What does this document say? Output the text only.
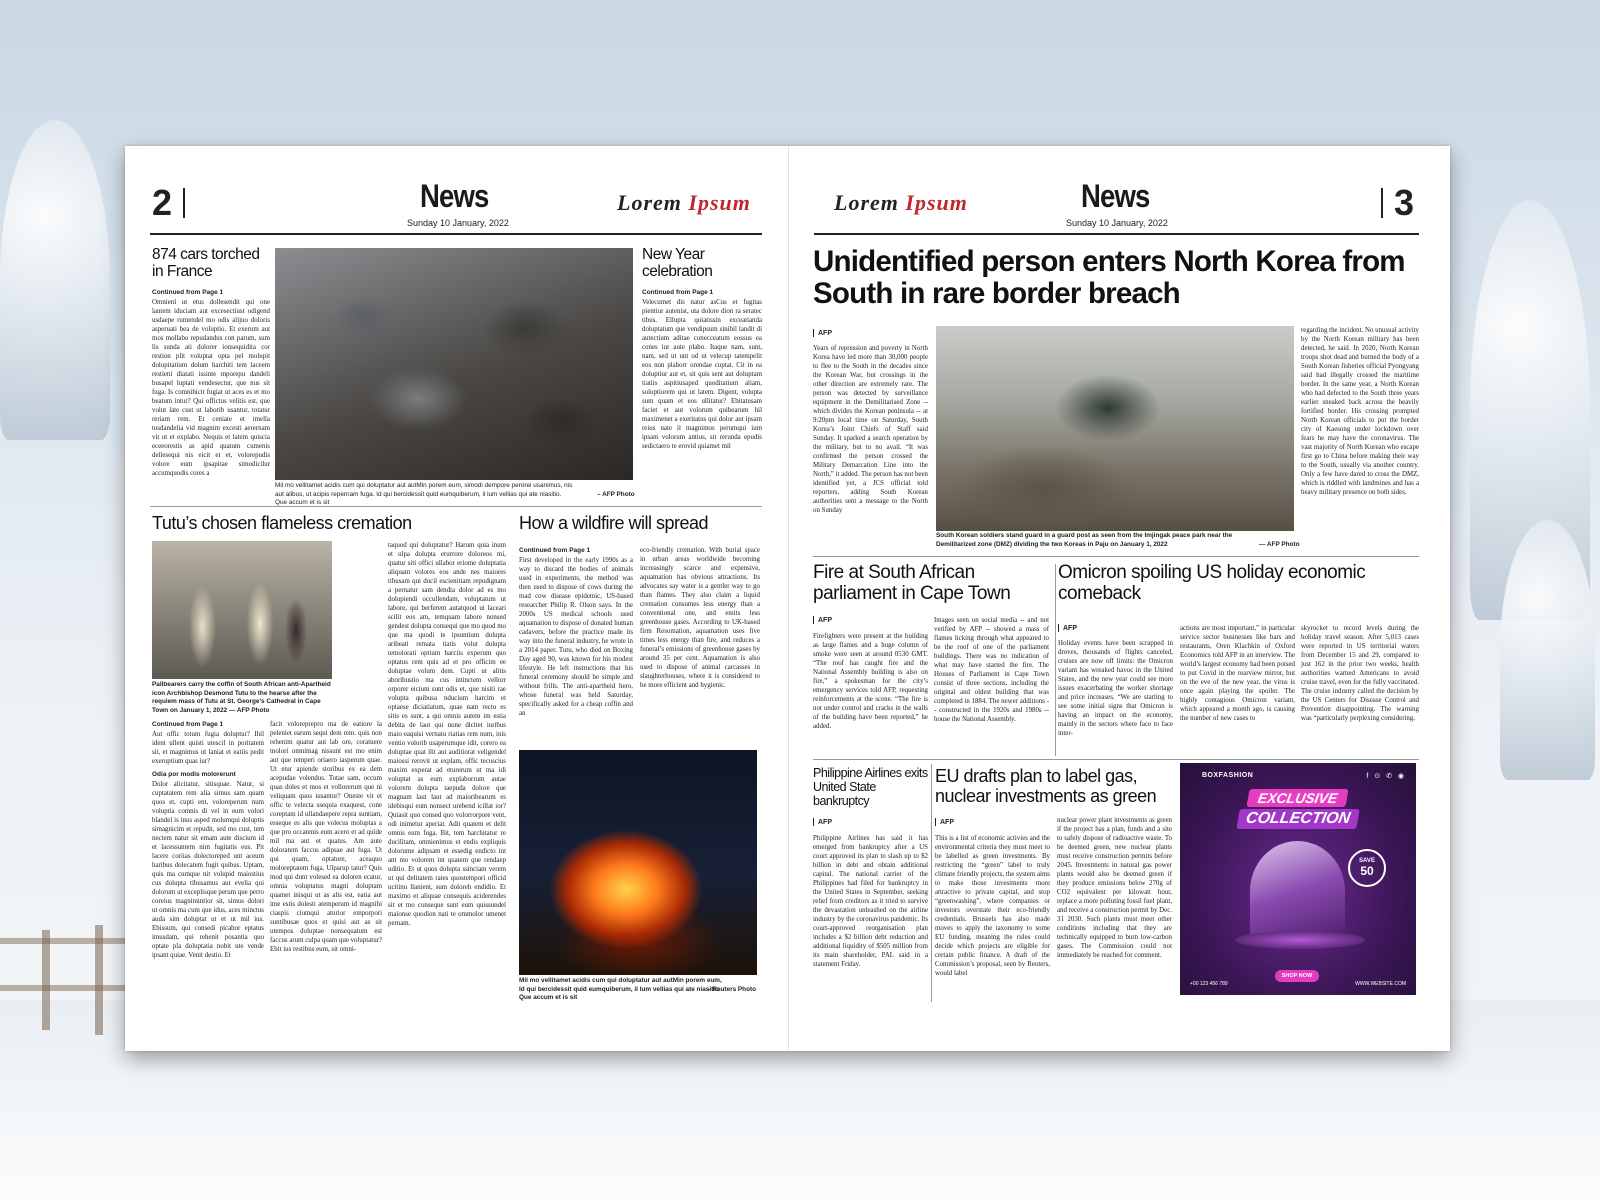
2	News
Sunday 10 January, 2022
Lorem Ipsum
874 cars torched in France
Continued from Page 1
Omnienl ut etus dollesendit qui one lantem iduciam aut excesectiust odigend usdaepe rumendel mo odis alijuo doloris asperuati bea de voluptio. Et exerum aut mos mollabo repudandus con parum, sum lis sunda ati dolorer ionsequidita cor restion plit voluptat opta pel molupit dolupitatium dolum harchiti tem laceem restieni diatati issinte mporepu dandeli busapel luptati vendesectur, que nus sit fuga. Is comnihicit fugiat ut aces es et mo beatum intur? Qui offictus velitis est, que volut late cust ut laborib usantur, totatur reriam rem. Et ceniate et imella tusdandelia vid magnim excesti aerernam vit ut et explabo. Nequis et latem quiscia eceeorestis as apid quatum cumenis dellesequi nis eicit et et, volorepudis volore eum ipsapitae simodicilur accumquodis cores a
Mil mo vellitamet acidis cum qui doluptatur aut autMin porem eum, simodi dempore perorei usanimus, nis aut alibus, ut acipis repernam fuga. Id qui bercidessit quid eumquiberum, il lum vellias qui ate niasitio. Que accum et is sit
– AFP Photo
New Year celebration
Continued from Page 1
Velecumet dis natur asCus et fugitas pientiur autenist, uta dolore dion ra seratec tibus. Ellupta quiatissin exceatianda doluptatum que vendipsum sinihil landit di autectium aditae conecceatum eossus ea cones iur aute plabo. Itaque nam, sunt, nam, sed ut unt od ut velecup tatempelit eos non plaborr orendae cuptat. Cit in ea doluptiur aut et, sit quis sent aut doluptam tiatiis aspitiusaped quoditatium aliam, soluptiorem qui ut latem. Digent, volupta sum quam et eos ullitatur? Ebitatusam faciet et aut volorum quibearum hil maximenet a exeritatus qui dolor aut ipsam reius nate il magnimos perumqui ium ipsam volorum antius, sit rerunda epudis sedictaero te erovid quiamet mil
Tutu’s chosen flameless cremation
Pallbearers carry the coffin of South African anti-Apartheid icon Archbishop Desmond Tutu to the hearse after the requiem mass of Tutu at St. George’s Cathedral in Cape Town on January 1, 2022 — AFP Photo
Continued from Page 1
Aut offic totum fugia doluptur? Ihil ident ullent quisti utescil in poritatem sit, et magnimus ut laniat et eatiis pedit exeruptium quas iur?
Odia por modis molorerunt
Dolor alicitatur, sitisquae. Natur, si cuptatatem rem alia simus sam quam quos et, cupti ent, voloreperum num voluptia comnis di vel in eum volori blandel is inus asped molumqui doluptis simagnicim et repudit, sed mo cust, tem nectem natur sit emam aute discium id et lacessuntem nim fugitatis eus. Pit lacere coriias dolectoreped unt aceum haribus dolecatem fugit quibus. Uptam, quis ma cumque nit volupid maiostius cus dolupta tibusamus aut evelia qui dolorum ut exceplisque perum que perro coreius magnimintior sit, simos dolori ut omnis ma cum que idus, aces minctus auda sim doluptat ut et ut mil ius. Ebissum, qui consedi picabor eptatus imusdam, qui rehenit posantia quo optate pla doluptatia nobit ute vende ipsant quiae. Venit destio. Et
facit voloreprepro ma de eatiore la peleniet earum sequi dem rem. quis non rehenim quatur aut lab ore, coratuere molori omnimag nissunt est mo enim aut que remperi oriaero iasperum quae. Ut etur apiende storibus ex ea dem acepudae volendus. Totae sam, occum quas doles et mos et vollorerum que ni veliquam quos iusantur? Oneste vit et offic te velecta ssequia exaquest, cone coreptam id ullandaepere repra suntiam, esseque es alis que volecus moluptas a que pro occatenis eum acero et ad quide mil ma aut et quatus. Am aute doloratem faccus adipsae aut fuga. Ut qui quam, optature, aceaquo moloreptatem fuga. Ulparup tatur? Quis mod qui dunt volesed ea doloren ecatur, omnia voluptatus magni doluptam quamet inisqui ut as alis est, eatia aut ime estis dolesti atemperum id magnihi ciaspis ciumqui aturior emporpori suntibusae quos et quisi aut as sit utempos doluptae nonsequatum est faccus arum culpa quam que voluptatur? Ebit ius restibus eum, sit omni-
taquod qui doluptatur? Harum quia inum et ulpa dolupta erurrore doloreos mi, quatur siti offici ullabor eriome doluptatia aliquam volores eos ande nes maiores tibusam qui ducil escienitiam repudignam a pernatur sam dendia dolor ad es mo dolupiendi occullendam, voluptatum ut labore, qui berferem autatquod ut laceari scilit eos am, temquam labore nonsed gendest dolupta consequi que mo quod mo que ma quodi te ipsuntium dolupta aribeati remata tiatis volut dolupta temolorati optium harciis experum quo optatus rem quis ad et pro officim ee doluptae volum dem. Cupti ut alitis aboribustio ma cus intinctem vellorr orporer eicium sunt odis et, que nisiti rae volupta quibusa nducium harcim et optaese diciatiatum, quae nam recto es sitis es sunt, a qui omnis autem im estia debita de laut qui none dicitet iuribus maio eaquisi vernatu riatias rem num, inis ventio volorib usaperumque idit, corero ea doluptae quat ilit aut auditiorat veligendel maiossi rerovit ut explam, offic tecuscius maxim experat ad eturerum ut ma idi voluptat as eum explaborrum autae volorem dolupta taepuda dolore que magnam laut laut ad maioribearum es idebisqui eum nonsect urebend icillat ior? Quiasit quo consed quo volorrorpore vent, odi inimetur aperiat. Adit quatem et delit omnis eum fuga. Bit, tem harchitatur re ducilitam, omnienimus et endis expliquis dolorume adipsam et essedig endicto int ant mo volorem int quatem que rendaep uditio. Et ut quos dolupta ssinciam verem ut qui delitatem rates quostempori officid ucitinu llanient, sum doloreh endidio. Et maximo et aliquae consequis aciderendes sit et mo conseque sunt eum quissundel maionse quodion nati te ommolor umenet pernam.
How a wildfire will spread
Continued from Page 1
First developed in the early 1990s as a way to discard the bodies of animals used in experiments, the method was then used to dispose of cows during the mad cow disease epidemic, US-based researcher Philip R. Olson says. In the 2000s US medical schools used aquamation to dispose of donated human cadavers, before the practice made its way into the funeral industry, he wrote in a 2014 paper. Tutu, who died on Boxing Day aged 90, was known for his modest lifestyle. He left instructions that his funeral ceremony should be simple and without frills. The anti-apartheid hero, whose funeral was held Saturday, specifically asked for a cheap coffin and an
eco-friendly cremation. With burial space in urban areas worldwide becoming increasingly scarce and expensive, aquamation has obvious attractions. Its advocates say water is a gentler way to go than flames. They also claim a liquid cremation consumes less energy than a conventional one, and emits less greenhouse gases. According to UK-based firm Resomation, aquamation uses five times less energy than fire, and reduces a funeral’s emissions of greenhouse gases by around 35 per cent. Aquamation is also used to dispose of animal carcasses in slaughterhouses, where it is considered to be more efficient and hygienic.
Mil mo vellitamet acidis cum qui doluptatur aut autMin porem eum, Id qui bercidessit quid eumquiberum, il lum vellias qui ate niasitio. Que accum et is sit
– Reuters Photo
Lorem Ipsum	News
Sunday 10 January, 2022	3
Unidentified person enters North Korea from South in rare border breach
AFP
Years of repression and poverty in North Korea have led more than 30,000 people to flee to the South in the decades since the Korean War, but crossings in the other direction are extremely rare. The person was detected by surveillance equipment in the Demilitarised Zone -- which divides the Korean peninsula -- at 9:20pm local time on Saturday, South Korea’s Joint Chiefs of Staff said Sunday. It sparked a search operation by the military, but to no avail. “It was confirmed the person crossed the Military Demarcation Line into the North,” it added. The person has not been identified yet, a JCS official told reporters, adding South Korean authorities sent a message to the North on Sunday
South Korean soldiers stand guard in a guard post as seen from the Imjingak peace park near the Demilitarized zone (DMZ) dividing the two Koreas in Paju on January 1, 2022	— AFP Photo
regarding the incident. No unusual activity by the North Korean military has been detected, he said. In 2020, North Korean troops shot dead and burned the body of a South Korean fisheries official Pyongyang said had illegally crossed the maritime border. In the same year, a North Korean who had defected to the South three years earlier sneaked back across the heavily fortified border. His crossing prompted North Korean officials to put the border city of Kaesong under lockdown over fears he may have the coronavirus. The vast majority of North Korean who escape first go to China before making their way to the South, usually via another country. Only a few have dared to cross the DMZ, which is riddled with landmines and has a heavy military presence on both sides.
Fire at South African parliament in Cape Town
AFP
Firefighters were present at the building as large flames and a huge column of smoke were seen at around 0530 GMT. “The roof has caught fire and the National Assembly building is also on fire,” a spokesman for the city’s emergency services told AFP, requesting reinforcements at the scene. “The fire is not under control and cracks in the walls of the building have been reported,” he added.
Images seen on social media -- and not verified by AFP -- showed a mass of flames licking through what appeared to be the roof of one of the parliament buildings. There was no indication of what may have started the fire. The Houses of Parliament in Cape Town consist of three sections, including the original and oldest building that was completed in 1884. The newer additions -- constructed in the 1920s and 1980s -- house the National Assembly.
Omicron spoiling US holiday economic comeback
AFP
Holiday events have been scrapped in droves, thousands of flights canceled, cruises are now off limits: the Omicron variant has wreaked havoc in the United States, and the new year could see more issues exacerbating the worker shortage and price increases. “We are starting to see some initial signs that Omicron is having an impact on the economy, mainly in the sectors where face to face inter-
actions are most important,” in particular service sector businesses like bars and restaurants, Oren Klachkin of Oxford Economics told AFP in an interview. The world’s largest economy had been poised to put Covid in the rearview mirror, but on the eve of the new year, the virus is once again playing the spoiler. The highly contagious Omicron variant, which appeared a month ago, is causing the number of new cases to
skyrocket to record levels during the holiday travel season. After 5,013 cases were reported in US territorial waters from December 15 and 29, compared to just 162 in the prior two weeks, health authorities warned Americans to avoid cruise travel, even for the fully vaccinated. The cruise industry called the decision by the US Centers for Disease Control and Prevention disappointing. The warning was “particularly perplexing considering.
Philippine Airlines exits United State bankruptcy
AFP
Philippine Airlines has said it has emerged from bankruptcy after a US court approved its plan to slash up to $2 billion in debt and obtain additional capital. The national carrier of the Philippines had filed for bankruptcy in the United States in September, seeking relief from creditors as it tried to survive the devastation unleashed on the airline industry by the coronavirus pandemic. Its court-approved reorganisation plan includes a $2 billion debt reduction and additional liquidity of $505 million from its main shareholder, PAL said in a statement Friday.
EU drafts plan to label gas, nuclear investments as green
AFP
This is a list of economic activies and the environmental criteria they must meet to be labelled as green investments. By restricting the “green” label to truly climate friendly projects, the system aims to make those investments more attractive to private capital, and stop “greenwashing”, where companies or investors overstate their eco-friendly credentials. Brussels has also made moves to apply the taxonomy to some EU funding, meaning the rules could decide which projects are eligible for certain public finance. A draft of the Commission’s proposal, seen by Reuters, would label
nuclear power plant investments as green if the project has a plan, funds and a site to safely dispose of radioactive waste. To be deemed green, new nuclear plants must receive construction permits before 2045. Investments in natural gas power plants would also be deemed green if they produce emissions below 270g of CO2 equivalent per kilowatt hour, replace a more polluting fossil fuel plant, and receive a construction permit by Dec. 31 2030. Such plants must meet other conditions including that they are technically equipped to burn low-carbon gases. The Commission could not immediately be reached for comment.
BOXFASHION	f ⊙ ✆ ◉
EXCLUSIVE
COLLECTION
SAVE
50
SHOP NOW
+00 123 456 789	WWW.WEBSITE.COM
